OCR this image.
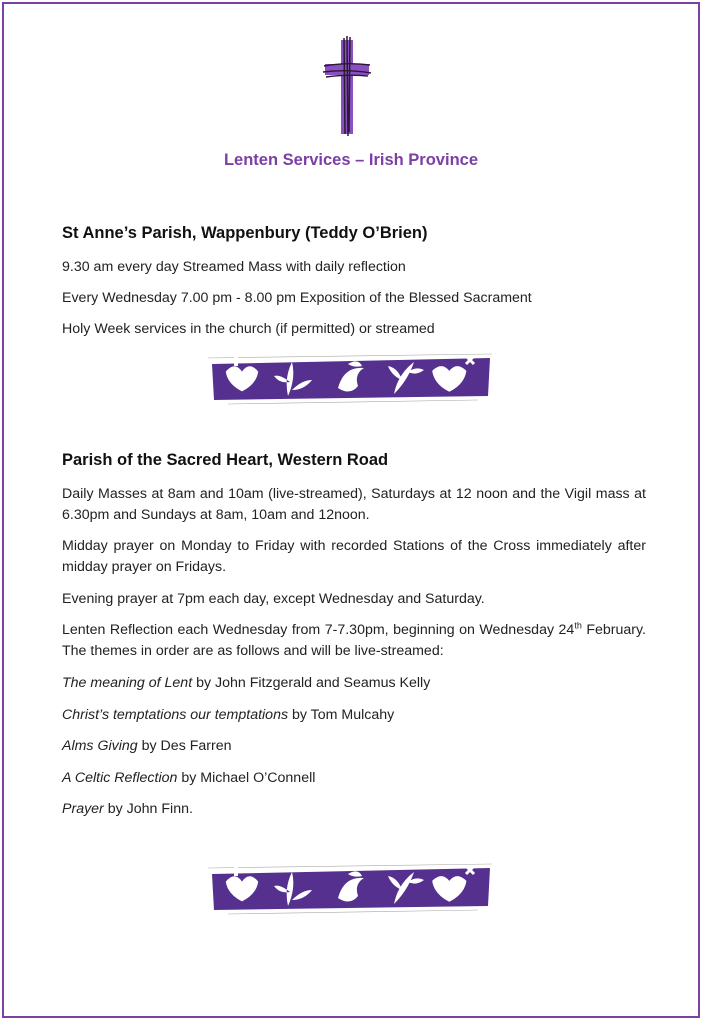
Lenten Services – Irish Province
St Anne’s Parish, Wappenbury (Teddy O’Brien)

9.30 am every day Streamed Mass with daily reflection

Every Wednesday 7.00 pm - 8.00 pm Exposition of the Blessed Sacrament

Holy Week services in the church (if permitted) or streamed

Parish of the Sacred Heart, Western Road

Daily Masses at 8am and 10am (live-streamed), Saturdays at 12 noon and the Vigil mass at 6.30pm and Sundays at 8am, 10am and 12noon.

Midday prayer on Monday to Friday with recorded Stations of the Cross immediately after midday prayer on Fridays.

Evening prayer at 7pm each day, except Wednesday and Saturday.

Lenten Reflection each Wednesday from 7-7.30pm, beginning on Wednesday 24th February. The themes in order are as follows and will be live-streamed:

The meaning of Lent by John Fitzgerald and Seamus Kelly

Christ’s temptations our temptations by Tom Mulcahy

Alms Giving by Des Farren

A Celtic Reflection by Michael O’Connell

Prayer by John Finn.
